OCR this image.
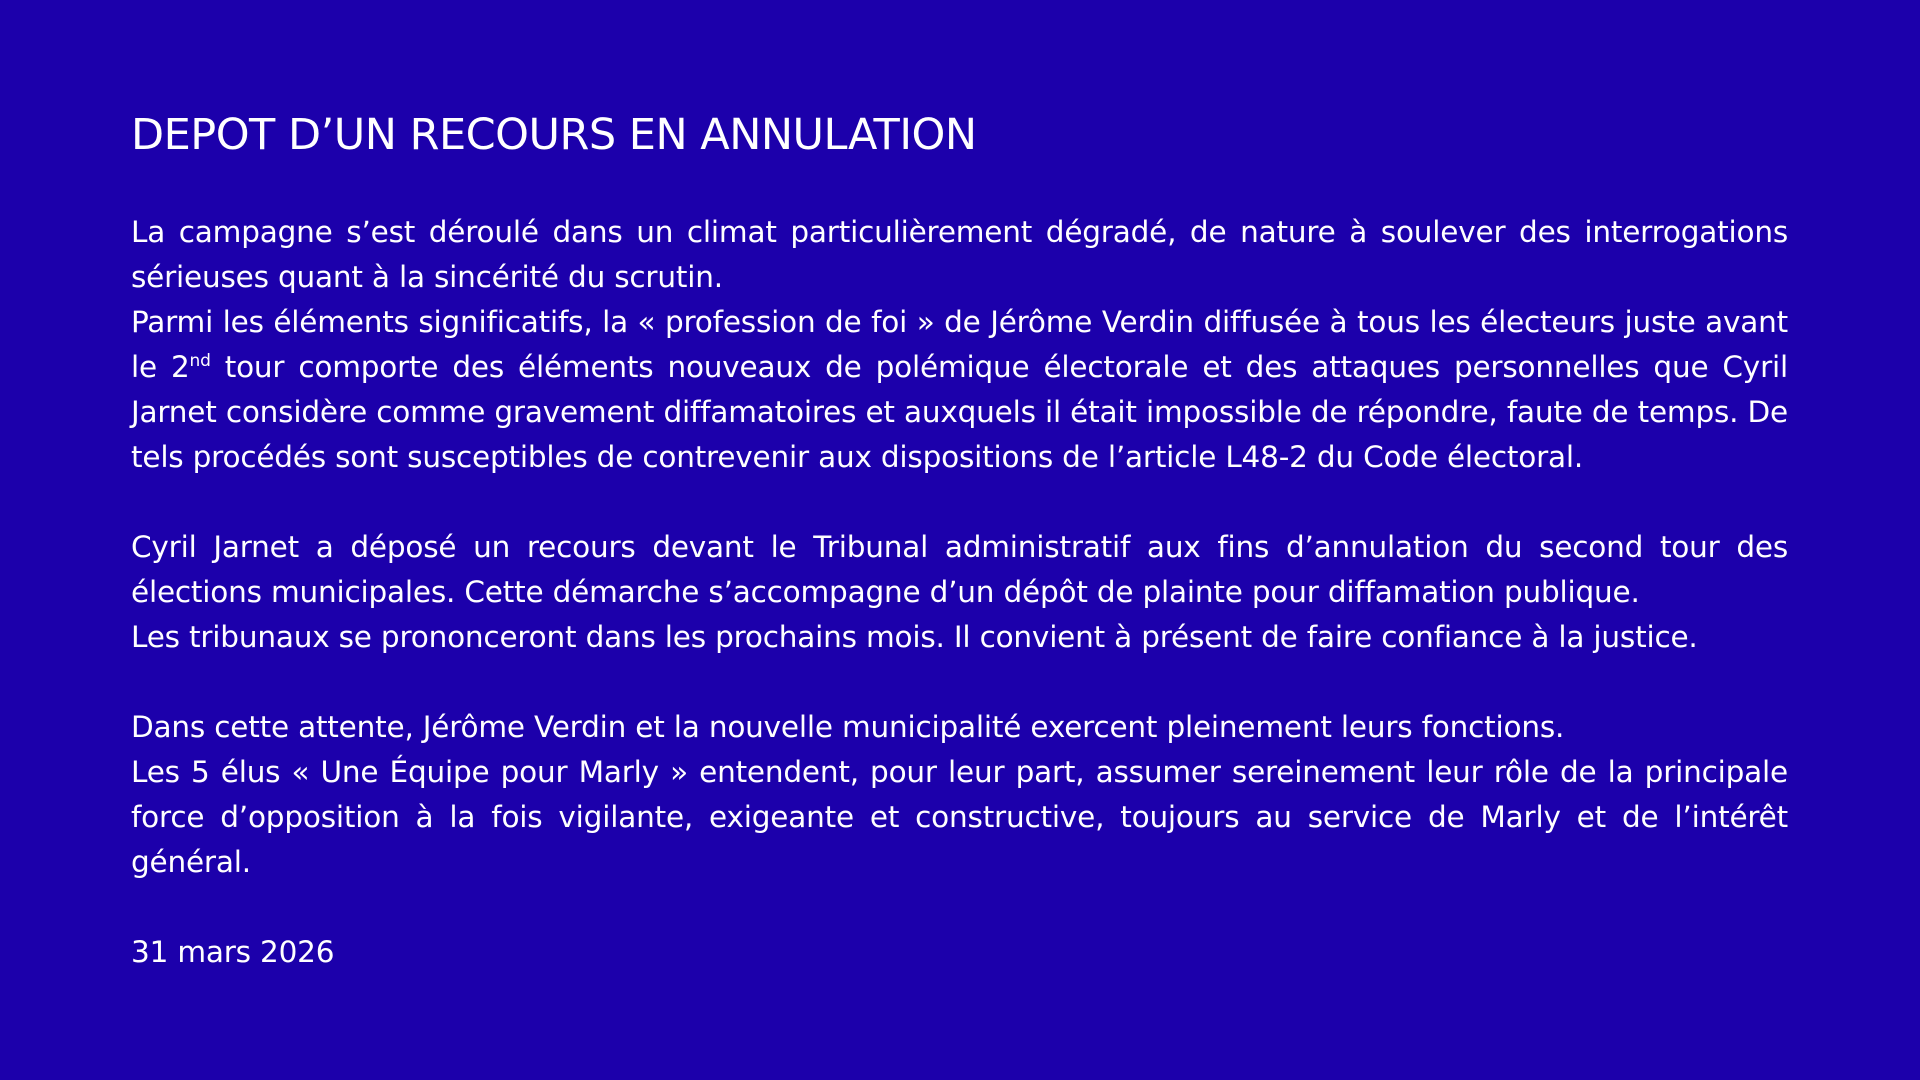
DEPOT D’UN RECOURS EN ANNULATION

La campagne s’est déroulé dans un climat particulièrement dégradé, de nature à soulever des interrogations sérieuses quant à la sincérité du scrutin.

Parmi les éléments significatifs, la « profession de foi » de Jérôme Verdin diffusée à tous les électeurs juste avant le 2nd tour comporte des éléments nouveaux de polémique électorale et des attaques personnelles que Cyril Jarnet considère comme gravement diffamatoires et auxquels il était impossible de répondre, faute de temps. De tels procédés sont susceptibles de contrevenir aux dispositions de l’article L48-2 du Code électoral.

Cyril Jarnet a déposé un recours devant le Tribunal administratif aux fins d’annulation du second tour des élections municipales. Cette démarche s’accompagne d’un dépôt de plainte pour diffamation publique.

Les tribunaux se prononceront dans les prochains mois. Il convient à présent de faire confiance à la justice.

Dans cette attente, Jérôme Verdin et la nouvelle municipalité exercent pleinement leurs fonctions.

Les 5 élus « Une Équipe pour Marly » entendent, pour leur part, assumer sereinement leur rôle de la principale force d’opposition à la fois vigilante, exigeante et constructive, toujours au service de Marly et de l’intérêt général.

31 mars 2026
